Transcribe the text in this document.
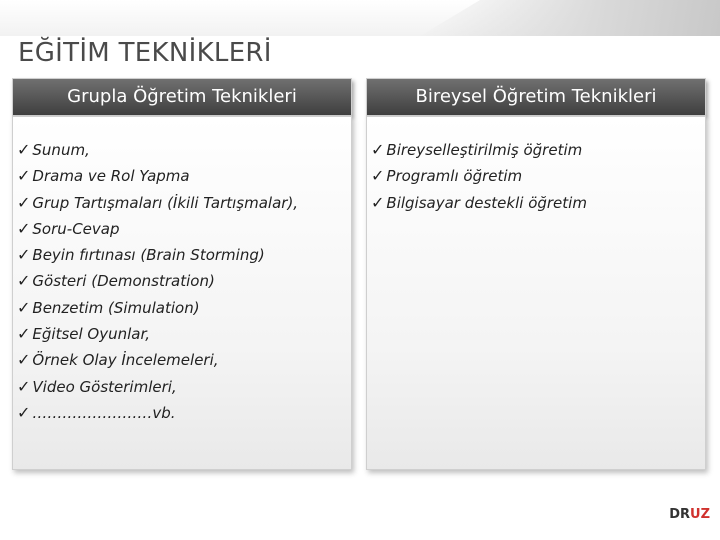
EĞİTİM TEKNİKLERİ
Grupla Öğretim Teknikleri
✓ Sunum,
✓ Drama ve Rol Yapma
✓ Grup Tartışmaları (İkili Tartışmalar),
✓ Soru-Cevap
✓ Beyin fırtınası (Brain Storming)
✓ Gösteri (Demonstration)
✓ Benzetim (Simulation)
✓ Eğitsel Oyunlar,
✓ Örnek Olay İncelemeleri,
✓ Video Gösterimleri,
✓ ……………………vb.
Bireysel Öğretim Teknikleri
✓ Bireyselleştirilmiş öğretim
✓ Programlı öğretim
✓ Bilgisayar destekli öğretim
DRUZ
